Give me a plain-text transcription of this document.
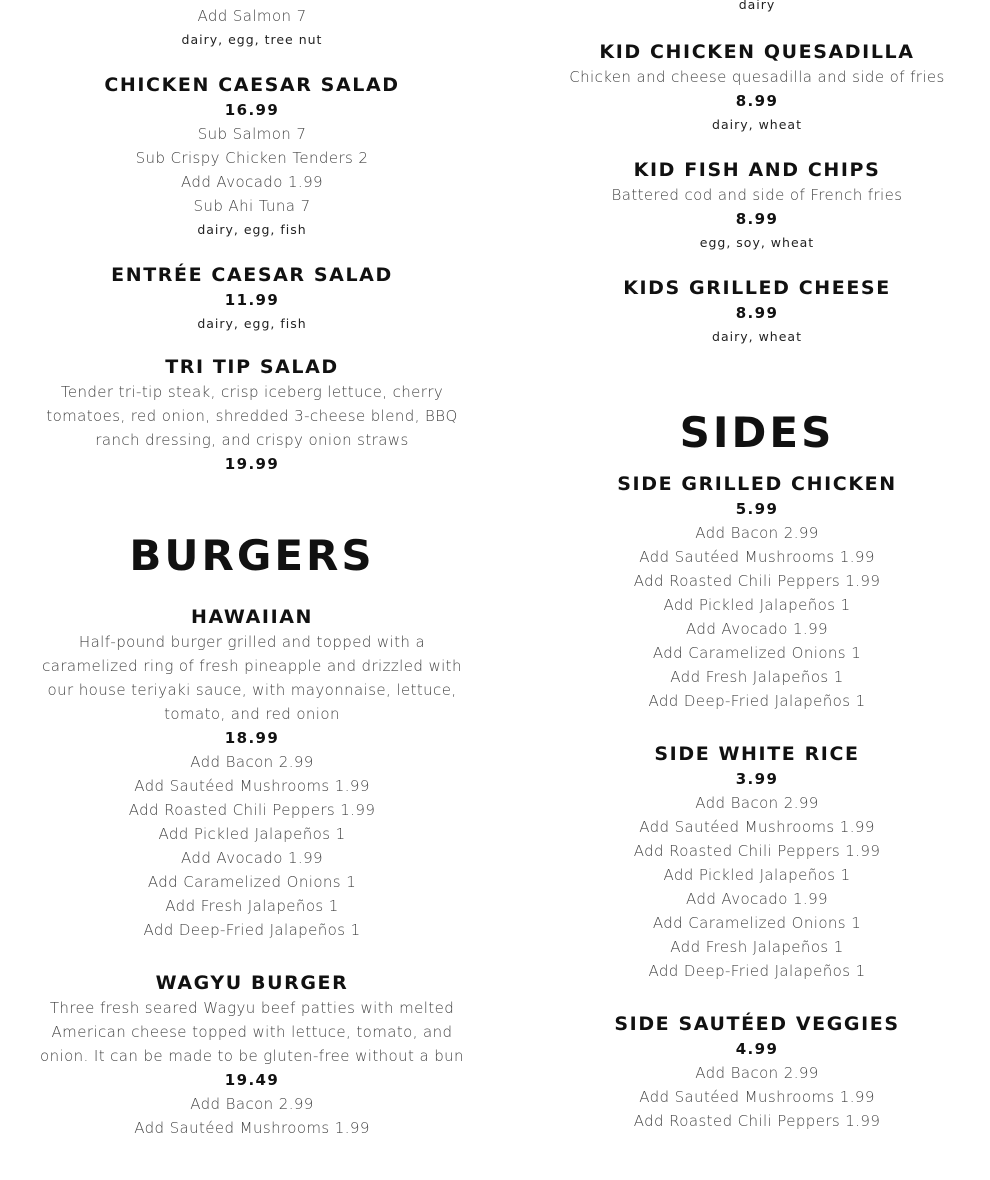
Add Salmon 7

dairy, egg, tree nut

CHICKEN CAESAR SALAD

16.99

Sub Salmon 7

Sub Crispy Chicken Tenders 2

Add Avocado 1.99

Sub Ahi Tuna 7

dairy, egg, fish

ENTRÉE CAESAR SALAD

11.99

dairy, egg, fish

TRI TIP SALAD

Tender tri-tip steak, crisp iceberg lettuce, cherry

tomatoes, red onion, shredded 3-cheese blend, BBQ

ranch dressing, and crispy onion straws

19.99

BURGERS

HAWAIIAN

Half-pound burger grilled and topped with a

caramelized ring of fresh pineapple and drizzled with

our house teriyaki sauce, with mayonnaise, lettuce,

tomato, and red onion

18.99

Add Bacon 2.99

Add Sautéed Mushrooms 1.99

Add Roasted Chili Peppers 1.99

Add Pickled Jalapeños 1

Add Avocado 1.99

Add Caramelized Onions 1

Add Fresh Jalapeños 1

Add Deep-Fried Jalapeños 1

WAGYU BURGER

Three fresh seared Wagyu beef patties with melted

American cheese topped with lettuce, tomato, and

onion. It can be made to be gluten-free without a bun

19.49

Add Bacon 2.99

Add Sautéed Mushrooms 1.99

dairy

KID CHICKEN QUESADILLA

Chicken and cheese quesadilla and side of fries

8.99

dairy, wheat

KID FISH AND CHIPS

Battered cod and side of French fries

8.99

egg, soy, wheat

KIDS GRILLED CHEESE

8.99

dairy, wheat

SIDES

SIDE GRILLED CHICKEN

5.99

Add Bacon 2.99

Add Sautéed Mushrooms 1.99

Add Roasted Chili Peppers 1.99

Add Pickled Jalapeños 1

Add Avocado 1.99

Add Caramelized Onions 1

Add Fresh Jalapeños 1

Add Deep-Fried Jalapeños 1

SIDE WHITE RICE

3.99

Add Bacon 2.99

Add Sautéed Mushrooms 1.99

Add Roasted Chili Peppers 1.99

Add Pickled Jalapeños 1

Add Avocado 1.99

Add Caramelized Onions 1

Add Fresh Jalapeños 1

Add Deep-Fried Jalapeños 1

SIDE SAUTÉED VEGGIES

4.99

Add Bacon 2.99

Add Sautéed Mushrooms 1.99

Add Roasted Chili Peppers 1.99
